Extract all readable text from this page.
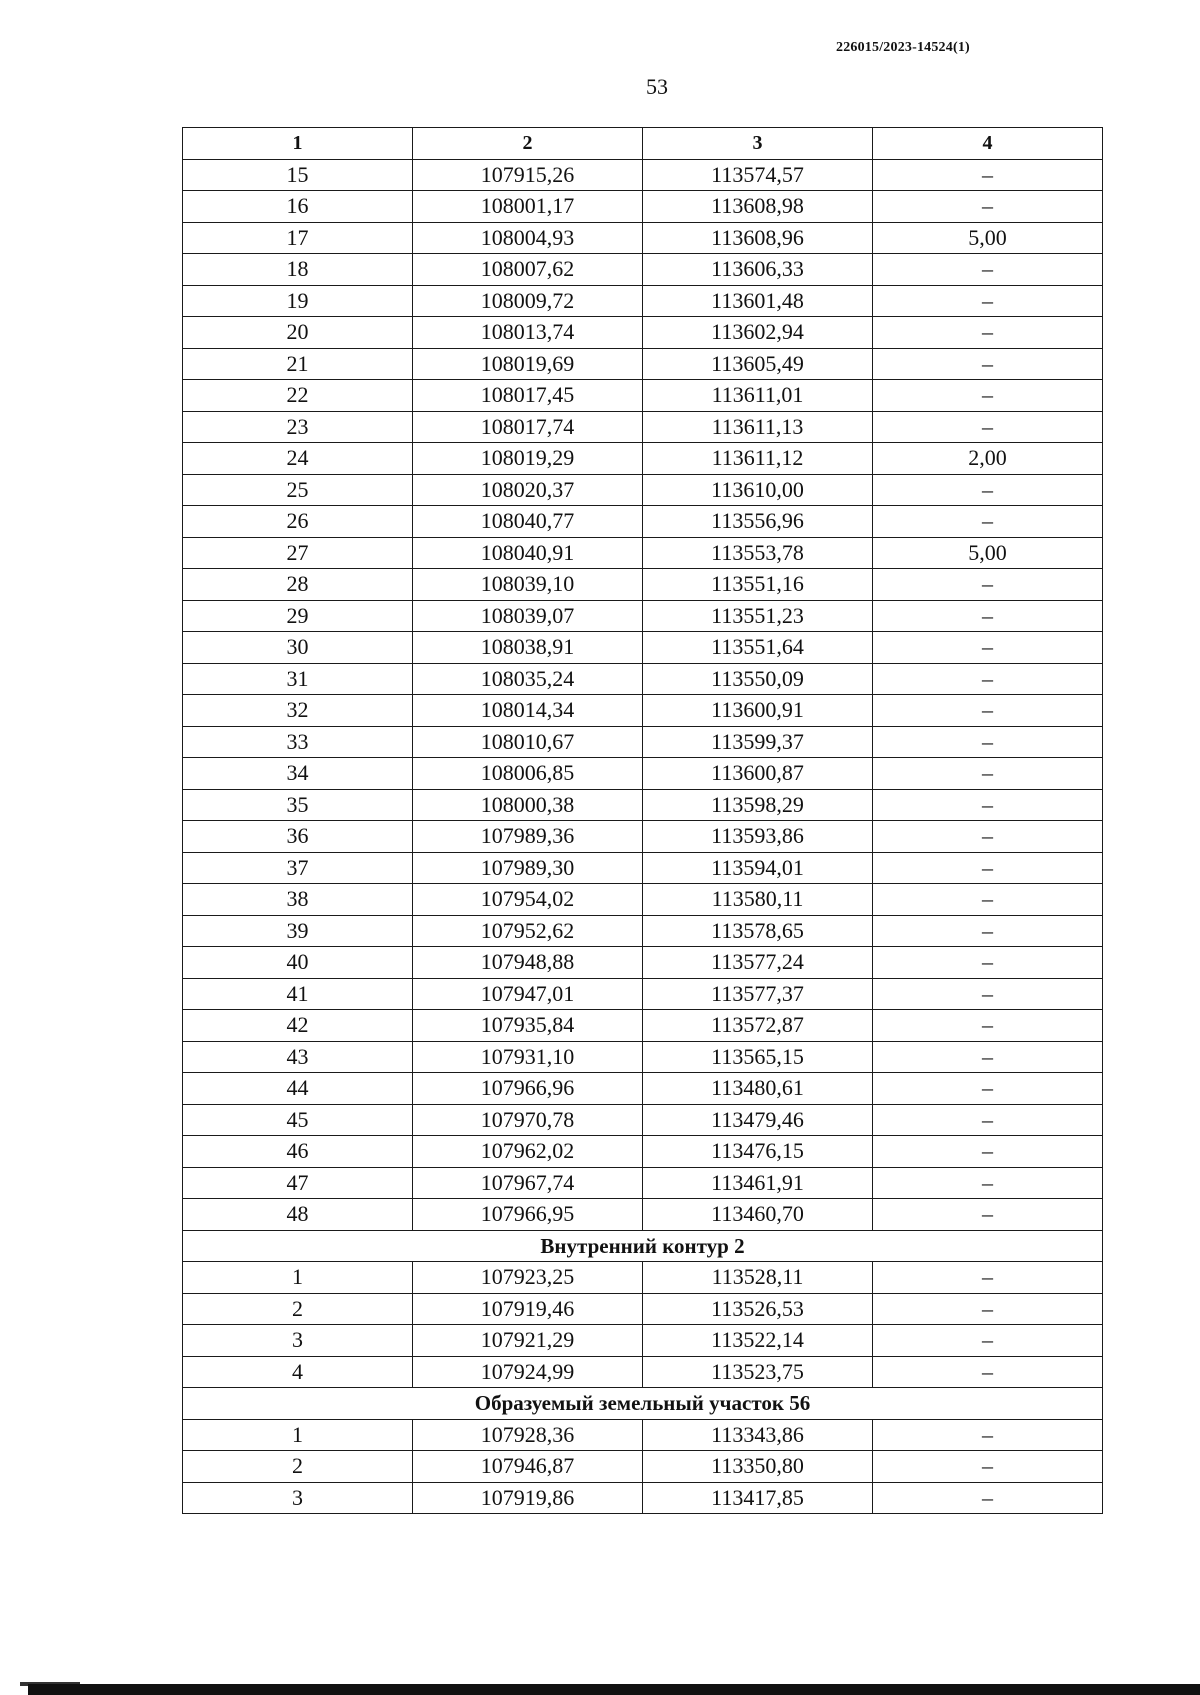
226015/2023-14524(1)
53
1	2	3	4
15	107915,26	113574,57	–
16	108001,17	113608,98	–
17	108004,93	113608,96	5,00
18	108007,62	113606,33	–
19	108009,72	113601,48	–
20	108013,74	113602,94	–
21	108019,69	113605,49	–
22	108017,45	113611,01	–
23	108017,74	113611,13	–
24	108019,29	113611,12	2,00
25	108020,37	113610,00	–
26	108040,77	113556,96	–
27	108040,91	113553,78	5,00
28	108039,10	113551,16	–
29	108039,07	113551,23	–
30	108038,91	113551,64	–
31	108035,24	113550,09	–
32	108014,34	113600,91	–
33	108010,67	113599,37	–
34	108006,85	113600,87	–
35	108000,38	113598,29	–
36	107989,36	113593,86	–
37	107989,30	113594,01	–
38	107954,02	113580,11	–
39	107952,62	113578,65	–
40	107948,88	113577,24	–
41	107947,01	113577,37	–
42	107935,84	113572,87	–
43	107931,10	113565,15	–
44	107966,96	113480,61	–
45	107970,78	113479,46	–
46	107962,02	113476,15	–
47	107967,74	113461,91	–
48	107966,95	113460,70	–
Внутренний контур 2			
1	107923,25	113528,11	–
2	107919,46	113526,53	–
3	107921,29	113522,14	–
4	107924,99	113523,75	–
Образуемый земельный участок 56			
1	107928,36	113343,86	–
2	107946,87	113350,80	–
3	107919,86	113417,85	–
